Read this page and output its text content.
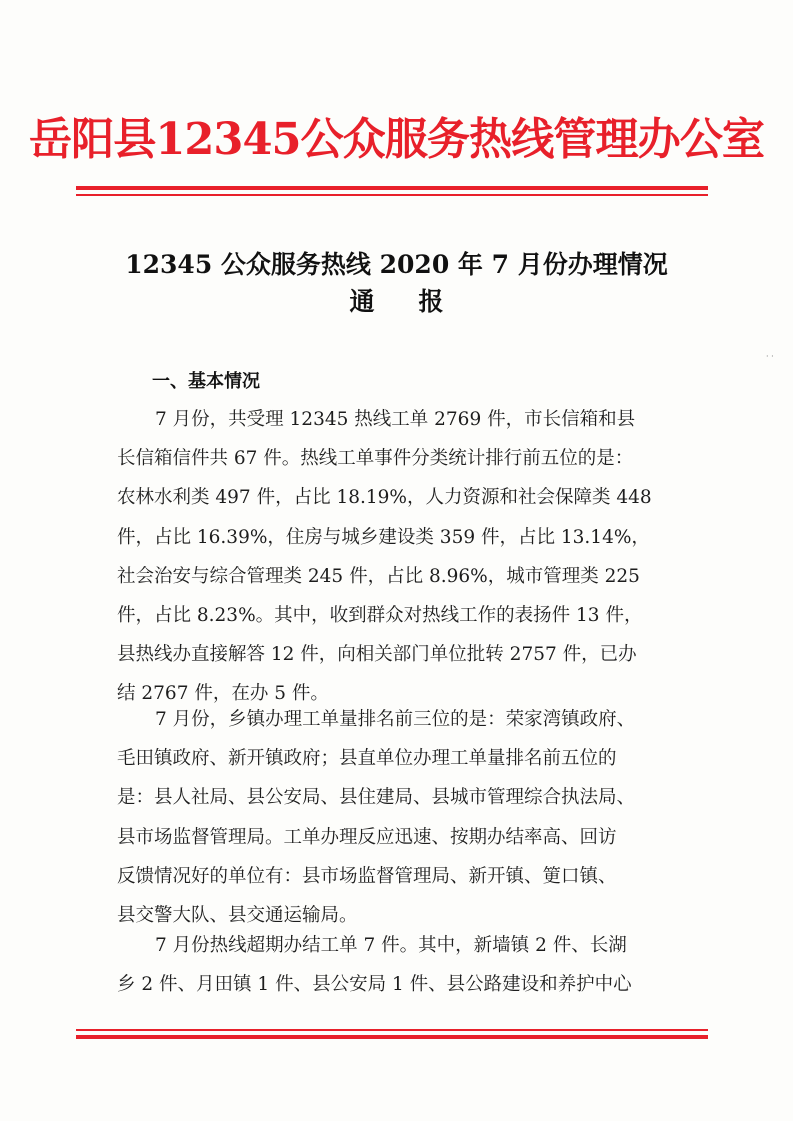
岳阳县12345公众服务热线管理办公室
12345 公众服务热线 2020 年 7 月份办理情况
通报
· ·
一、基本情况
7 月份，共受理 12345 热线工单 2769 件，市长信箱和县
长信箱信件共 67 件。热线工单事件分类统计排行前五位的是：
农林水利类 497 件，占比 18.19%，人力资源和社会保障类 448
件，占比 16.39%，住房与城乡建设类 359 件，占比 13.14%，
社会治安与综合管理类 245 件，占比 8.96%，城市管理类 225
件，占比 8.23%。其中，收到群众对热线工作的表扬件 13 件，
县热线办直接解答 12 件，向相关部门单位批转 2757 件，已办
结 2767 件，在办 5 件。
7 月份，乡镇办理工单量排名前三位的是：荣家湾镇政府、
毛田镇政府、新开镇政府；县直单位办理工单量排名前五位的
是：县人社局、县公安局、县住建局、县城市管理综合执法局、
县市场监督管理局。工单办理反应迅速、按期办结率高、回访
反馈情况好的单位有：县市场监督管理局、新开镇、筻口镇、
县交警大队、县交通运输局。
7 月份热线超期办结工单 7 件。其中，新墙镇 2 件、长湖
乡 2 件、月田镇 1 件、县公安局 1 件、县公路建设和养护中心
